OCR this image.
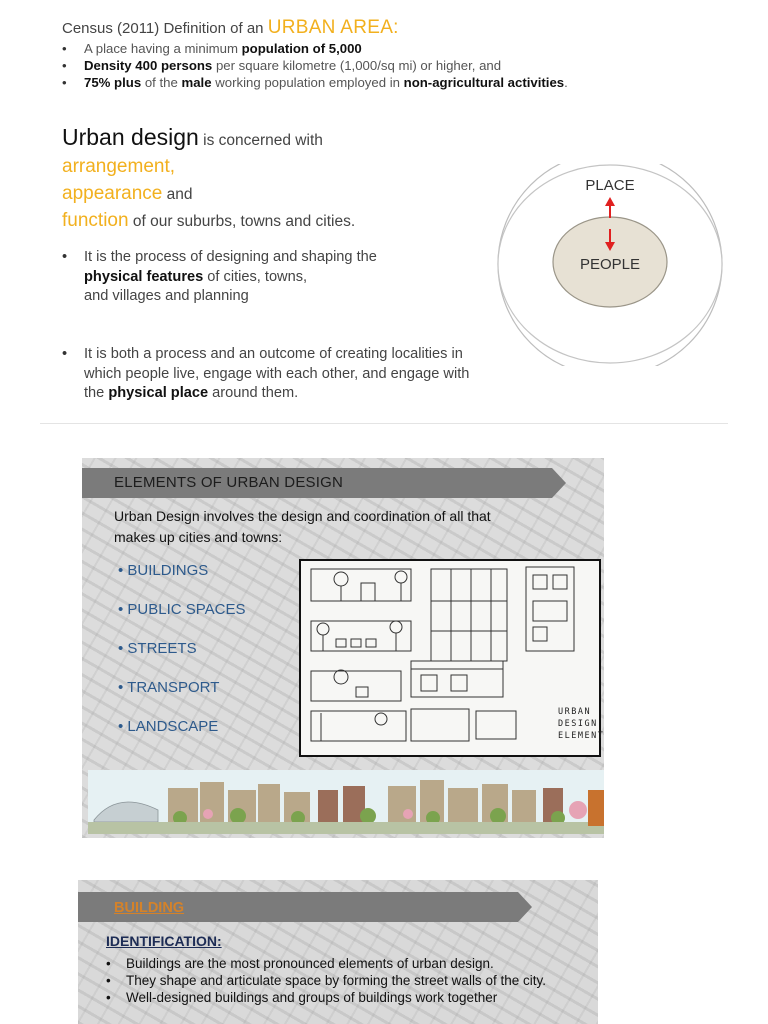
Census (2011) Definition of an URBAN AREA:
• A place having a minimum population of 5,000
• Density 400 persons per square kilometre (1,000/sq mi) or higher, and
• 75% plus of the male working population employed in non-agricultural activities.
Urban design is concerned with
arrangement,
appearance and
function of our suburbs, towns and cities.
• It is the process of designing and shaping the
physical features of cities, towns,
and villages and planning
• It is both a process and an outcome of creating localities in which people live, engage with each other, and engage with the physical place around them.
PLACE
PEOPLE
ELEMENTS OF URBAN DESIGN
Urban Design involves the design and coordination of all that makes up cities and towns:
• BUILDINGS
• PUBLIC SPACES
• STREETS
• TRANSPORT
• LANDSCAPE
URBAN DESIGN ELEMENT
BUILDING
IDENTIFICATION:
• Buildings are the most pronounced elements of urban design.
• They shape and articulate space by forming the street walls of the city.
• Well-designed buildings and groups of buildings work together
